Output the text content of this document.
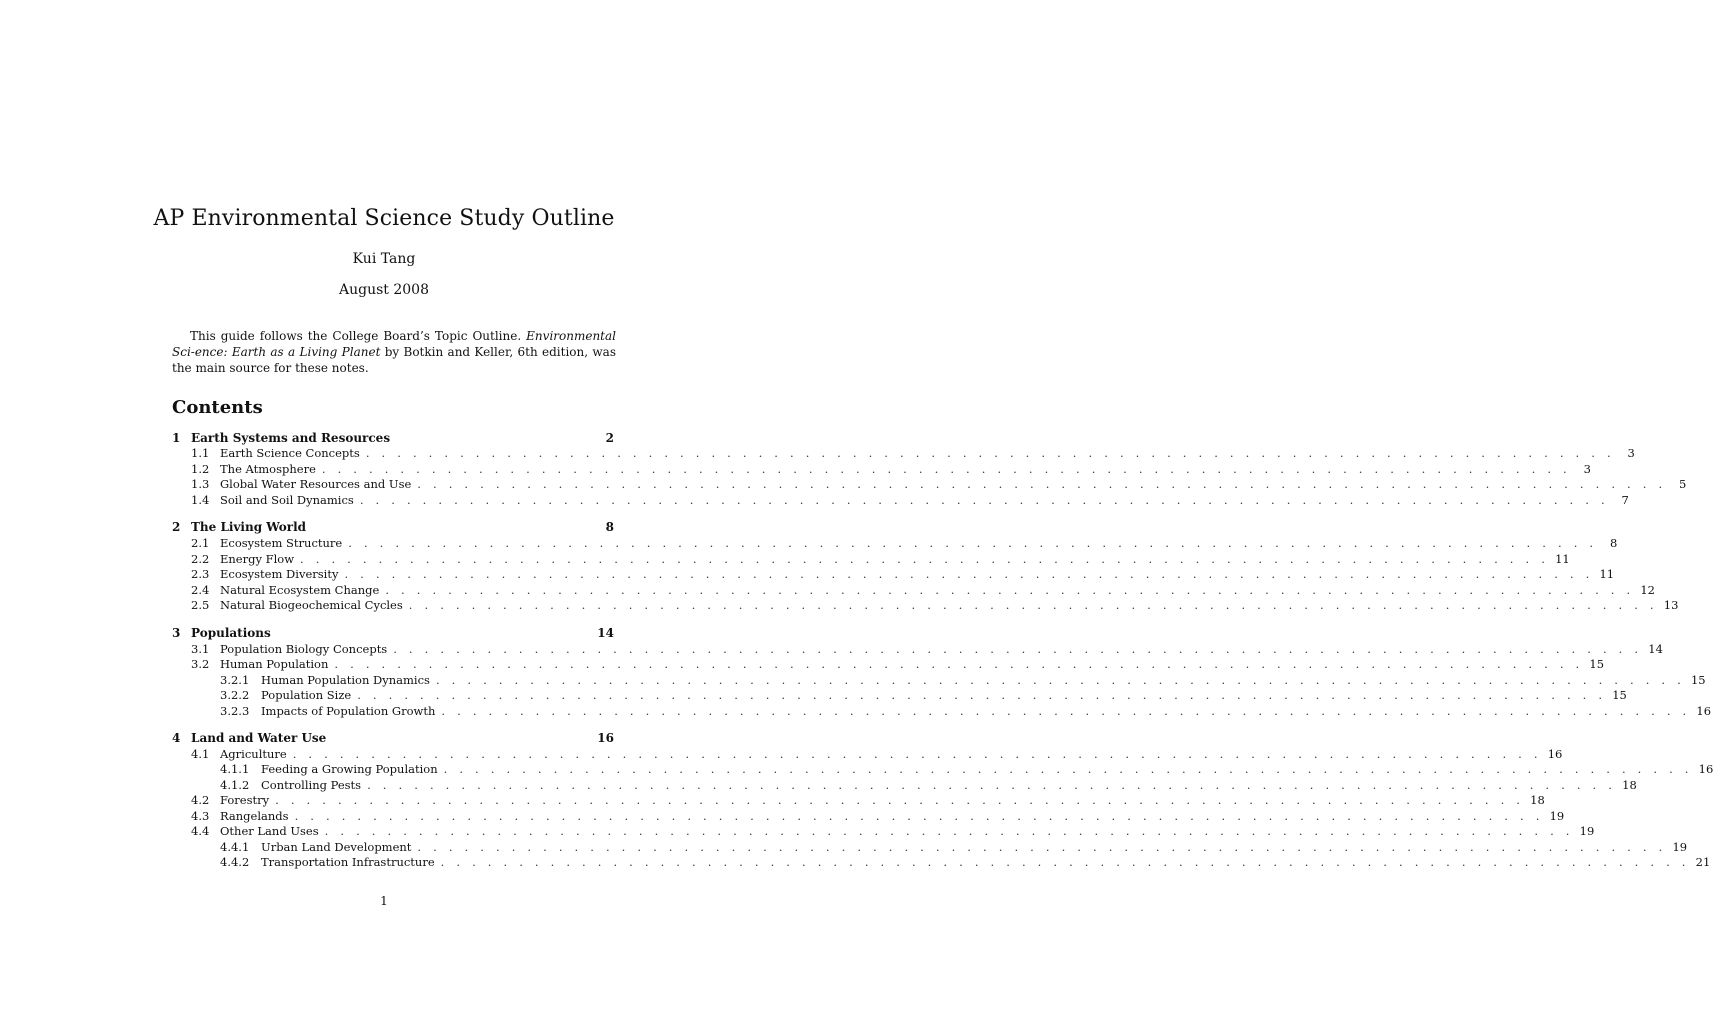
AP Environmental Science Study Outline
Kui Tang
August 2008
This guide follows the College Board’s Topic Outline. Environmental Sci-ence: Earth as a Living Planet by Botkin and Keller, 6th edition, was the main source for these notes.
Contents
1 Earth Systems and Resources	2
1.1 Earth Science Concepts . . . . . . . . . . . . . . . . . . . . . . . . . . . . . . . . . . . . . . . . . . . . . . . . . . . . . . . . . . . . . . . . . . . . . . . . . . . . . . . .	3
1.2 The Atmosphere . . . . . . . . . . . . . . . . . . . . . . . . . . . . . . . . . . . . . . . . . . . . . . . . . . . . . . . . . . . . . . . . . . . . . . . . . . . . . . . .	3
1.3 Global Water Resources and Use . . . . . . . . . . . . . . . . . . . . . . . . . . . . . . . . . . . . . . . . . . . . . . . . . . . . . . . . . . . . . . . . . . . . . . . . . . . . . . . .	5
1.4 Soil and Soil Dynamics . . . . . . . . . . . . . . . . . . . . . . . . . . . . . . . . . . . . . . . . . . . . . . . . . . . . . . . . . . . . . . . . . . . . . . . . . . . . . . . .	7
2 The Living World	8
2.1 Ecosystem Structure . . . . . . . . . . . . . . . . . . . . . . . . . . . . . . . . . . . . . . . . . . . . . . . . . . . . . . . . . . . . . . . . . . . . . . . . . . . . . . . .	8
2.2 Energy Flow . . . . . . . . . . . . . . . . . . . . . . . . . . . . . . . . . . . . . . . . . . . . . . . . . . . . . . . . . . . . . . . . . . . . . . . . . . . . . . . . 11
2.3 Ecosystem Diversity . . . . . . . . . . . . . . . . . . . . . . . . . . . . . . . . . . . . . . . . . . . . . . . . . . . . . . . . . . . . . . . . . . . . . . . . . . . . . . . . 11
2.4 Natural Ecosystem Change . . . . . . . . . . . . . . . . . . . . . . . . . . . . . . . . . . . . . . . . . . . . . . . . . . . . . . . . . . . . . . . . . . . . . . . . . . . . . . . . 12
2.5 Natural Biogeochemical Cycles . . . . . . . . . . . . . . . . . . . . . . . . . . . . . . . . . . . . . . . . . . . . . . . . . . . . . . . . . . . . . . . . . . . . . . . . . . . . . . . . 13
3 Populations	14
3.1 Population Biology Concepts . . . . . . . . . . . . . . . . . . . . . . . . . . . . . . . . . . . . . . . . . . . . . . . . . . . . . . . . . . . . . . . . . . . . . . . . . . . . . . . . 14
3.2 Human Population . . . . . . . . . . . . . . . . . . . . . . . . . . . . . . . . . . . . . . . . . . . . . . . . . . . . . . . . . . . . . . . . . . . . . . . . . . . . . . . . 15
3.2.1	Human Population Dynamics . . . . . . . . . . . . . . . . . . . . . . . . . . . . . . . . . . . . . . . . . . . . . . . . . . . . . . . . . . . . . . . . . . . . . . . . . . . . . . . . 15
3.2.2	Population Size . . . . . . . . . . . . . . . . . . . . . . . . . . . . . . . . . . . . . . . . . . . . . . . . . . . . . . . . . . . . . . . . . . . . . . . . . . . . . . . . 15
3.2.3	Impacts of Population Growth . . . . . . . . . . . . . . . . . . . . . . . . . . . . . . . . . . . . . . . . . . . . . . . . . . . . . . . . . . . . . . . . . . . . . . . . . . . . . . . . 16
4 Land and Water Use	16
4.1 Agriculture . . . . . . . . . . . . . . . . . . . . . . . . . . . . . . . . . . . . . . . . . . . . . . . . . . . . . . . . . . . . . . . . . . . . . . . . . . . . . . . . 16
4.1.1	Feeding a Growing Population . . . . . . . . . . . . . . . . . . . . . . . . . . . . . . . . . . . . . . . . . . . . . . . . . . . . . . . . . . . . . . . . . . . . . . . . . . . . . . . . 16
4.1.2	Controlling Pests . . . . . . . . . . . . . . . . . . . . . . . . . . . . . . . . . . . . . . . . . . . . . . . . . . . . . . . . . . . . . . . . . . . . . . . . . . . . . . . . 18
4.2 Forestry . . . . . . . . . . . . . . . . . . . . . . . . . . . . . . . . . . . . . . . . . . . . . . . . . . . . . . . . . . . . . . . . . . . . . . . . . . . . . . . . 18
4.3 Rangelands . . . . . . . . . . . . . . . . . . . . . . . . . . . . . . . . . . . . . . . . . . . . . . . . . . . . . . . . . . . . . . . . . . . . . . . . . . . . . . . . 19
4.4 Other Land Uses . . . . . . . . . . . . . . . . . . . . . . . . . . . . . . . . . . . . . . . . . . . . . . . . . . . . . . . . . . . . . . . . . . . . . . . . . . . . . . . . 19
4.4.1	Urban Land Development . . . . . . . . . . . . . . . . . . . . . . . . . . . . . . . . . . . . . . . . . . . . . . . . . . . . . . . . . . . . . . . . . . . . . . . . . . . . . . . . 19
4.4.2	Transportation Infrastructure . . . . . . . . . . . . . . . . . . . . . . . . . . . . . . . . . . . . . . . . . . . . . . . . . . . . . . . . . . . . . . . . . . . . . . . . . . . . . . . . 21
1
